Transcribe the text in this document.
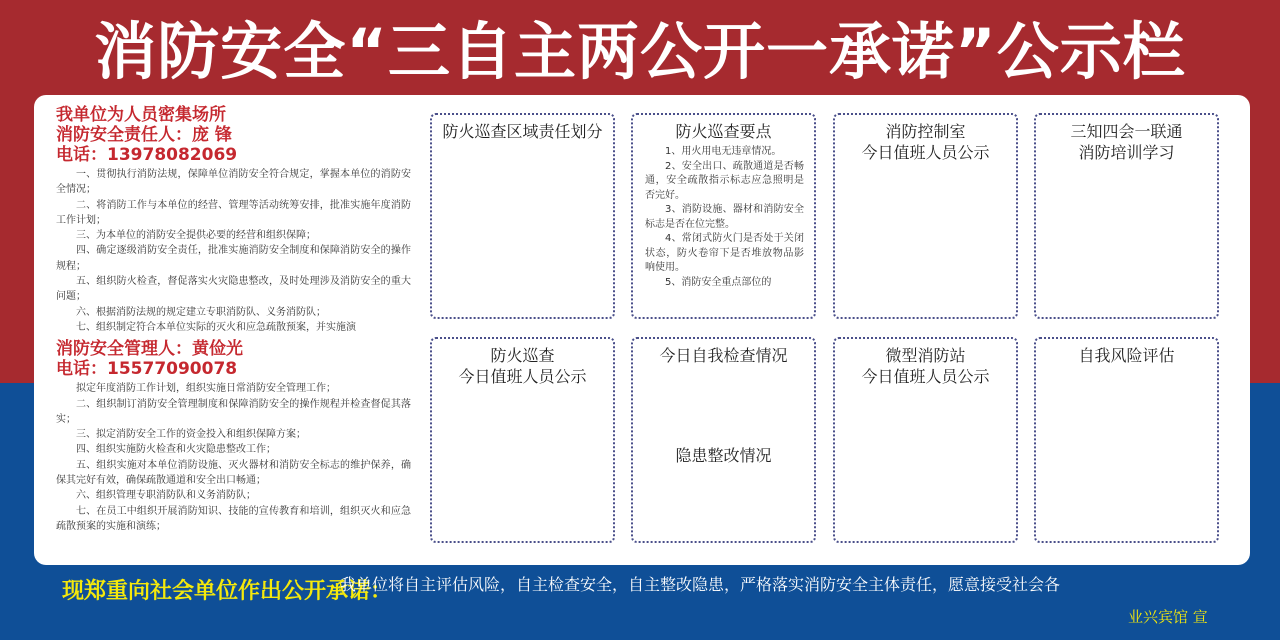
消防安全“三自主两公开一承诺”公示栏
我单位为人员密集场所
消防安全责任人：庞 锋
电话：13978082069

一、贯彻执行消防法规，保障单位消防安全符合规定，掌握本单位的消防安全情况；

二、将消防工作与本单位的经营、管理等活动统筹安排，批准实施年度消防工作计划；

三、为本单位的消防安全提供必要的经营和组织保障；

四、确定逐级消防安全责任，批准实施消防安全制度和保障消防安全的操作规程；

五、组织防火检查，督促落实火灾隐患整改，及时处理涉及消防安全的重大问题；

六、根据消防法规的规定建立专职消防队、义务消防队；

七、组织制定符合本单位实际的灭火和应急疏散预案，并实施演

消防安全管理人：黄俭光
电话：15577090078

拟定年度消防工作计划，组织实施日常消防安全管理工作；

二、组织制订消防安全管理制度和保障消防安全的操作规程并检查督促其落实；

三、拟定消防安全工作的资金投入和组织保障方案；

四、组织实施防火检查和火灾隐患整改工作；

五、组织实施对本单位消防设施、灭火器材和消防安全标志的维护保养，确保其完好有效，确保疏散通道和安全出口畅通；

六、组织管理专职消防队和义务消防队；

七、在员工中组织开展消防知识、技能的宣传教育和培训，组织灭火和应急疏散预案的实施和演练；

防火巡查区域责任划分	防火巡查要点

1、用火用电无违章情况。

2、安全出口、疏散通道是否畅通，安全疏散指示标志应急照明是否完好。

3、消防设施、器材和消防安全标志是否在位完整。

4、常闭式防火门是否处于关闭状态，防火卷帘下是否堆放物品影响使用。

5、消防安全重点部位的

消防控制室
今日值班人员公示
三知四会一联通
消防培训学习
防火巡查
今日值班人员公示
今日自我检查情况
隐患整改情况
微型消防站
今日值班人员公示
自我风险评估
现郑重向社会单位作出公开承诺：
我单位将自主评估风险，自主检查安全，自主整改隐患，严格落实消防安全主体责任，愿意接受社会各
业兴宾馆 宣
